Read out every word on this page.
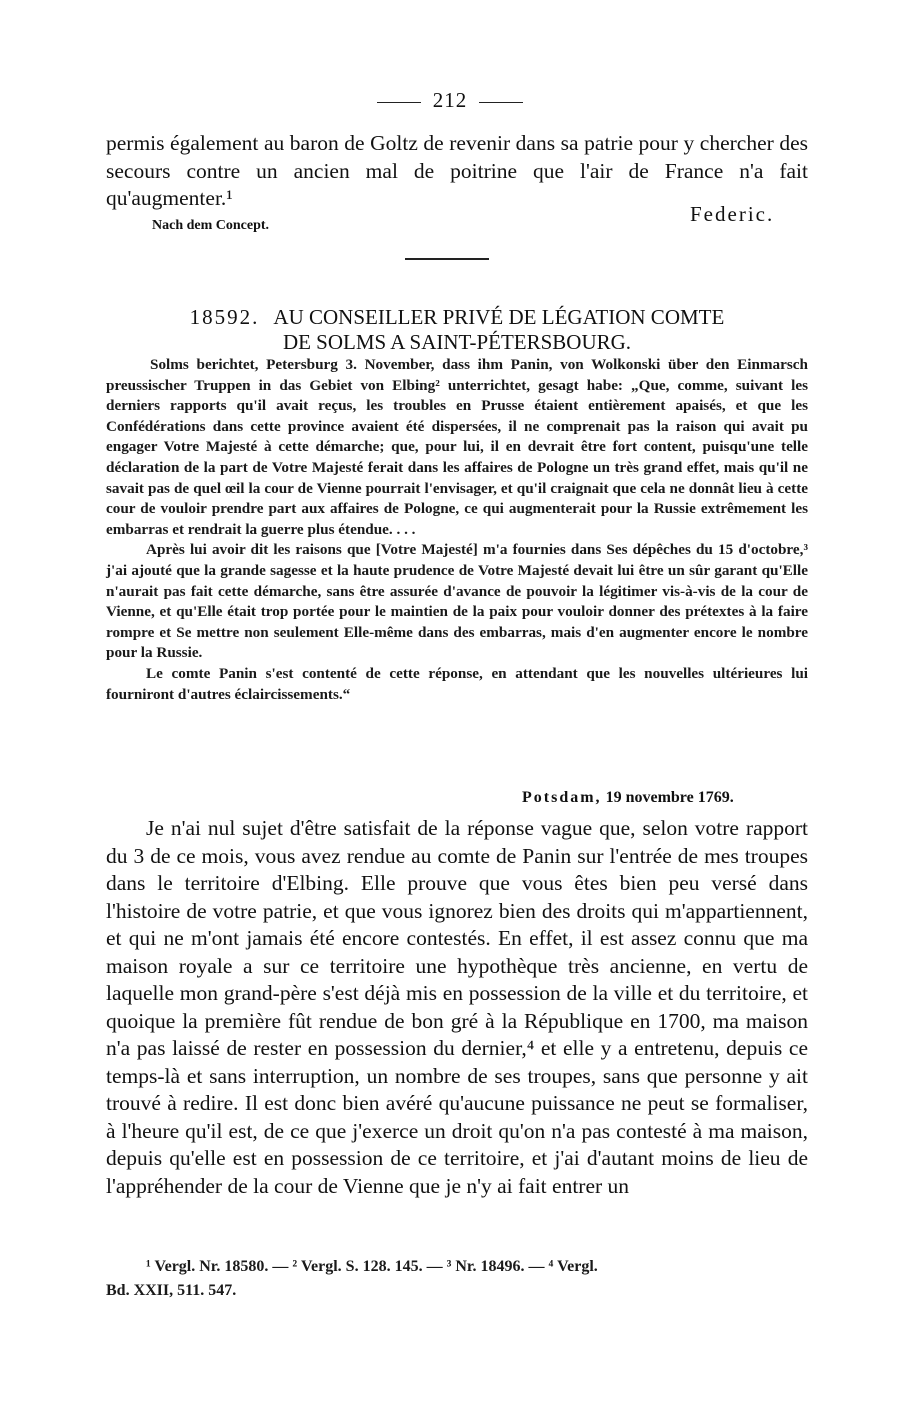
212

permis également au baron de Goltz de revenir dans sa patrie pour y chercher des secours contre un ancien mal de poitrine que l'air de France n'a fait qu'augmenter.¹

Federic.
Nach dem Concept.
18592. AU CONSEILLER PRIVÉ DE LÉGATION COMTE
DE SOLMS A SAINT-PÉTERSBOURG.

Solms berichtet, Petersburg 3. November, dass ihm Panin, von Wolkonski über den Einmarsch preussischer Truppen in das Gebiet von Elbing² unterrichtet, gesagt habe: „Que, comme, suivant les derniers rapports qu'il avait reçus, les troubles en Prusse étaient entièrement apaisés, et que les Confédérations dans cette province avaient été dispersées, il ne comprenait pas la raison qui avait pu engager Votre Majesté à cette démarche; que, pour lui, il en devrait être fort content, puisqu'une telle déclaration de la part de Votre Majesté ferait dans les affaires de Pologne un très grand effet, mais qu'il ne savait pas de quel œil la cour de Vienne pourrait l'envisager, et qu'il craignait que cela ne donnât lieu à cette cour de vouloir prendre part aux affaires de Pologne, ce qui augmenterait pour la Russie extrêmement les embarras et rendrait la guerre plus étendue. . . .

Après lui avoir dit les raisons que [Votre Majesté] m'a fournies dans Ses dépêches du 15 d'octobre,³ j'ai ajouté que la grande sagesse et la haute prudence de Votre Majesté devait lui être un sûr garant qu'Elle n'aurait pas fait cette démarche, sans être assurée d'avance de pouvoir la légitimer vis-à-vis de la cour de Vienne, et qu'Elle était trop portée pour le maintien de la paix pour vouloir donner des prétextes à la faire rompre et Se mettre non seulement Elle-même dans des embarras, mais d'en augmenter encore le nombre pour la Russie.

Le comte Panin s'est contenté de cette réponse, en attendant que les nouvelles ultérieures lui fourniront d'autres éclaircissements.“

Potsdam, 19 novembre 1769.

Je n'ai nul sujet d'être satisfait de la réponse vague que, selon votre rapport du 3 de ce mois, vous avez rendue au comte de Panin sur l'entrée de mes troupes dans le territoire d'Elbing. Elle prouve que vous êtes bien peu versé dans l'histoire de votre patrie, et que vous ignorez bien des droits qui m'appartiennent, et qui ne m'ont jamais été encore contestés. En effet, il est assez connu que ma maison royale a sur ce territoire une hypothèque très ancienne, en vertu de laquelle mon grand-père s'est déjà mis en possession de la ville et du territoire, et quoique la première fût rendue de bon gré à la République en 1700, ma maison n'a pas laissé de rester en possession du dernier,⁴ et elle y a entretenu, depuis ce temps-là et sans interruption, un nombre de ses troupes, sans que personne y ait trouvé à redire. Il est donc bien avéré qu'aucune puissance ne peut se formaliser, à l'heure qu'il est, de ce que j'exerce un droit qu'on n'a pas contesté à ma maison, depuis qu'elle est en possession de ce territoire, et j'ai d'autant moins de lieu de l'appréhender de la cour de Vienne que je n'y ai fait entrer un

¹ Vergl. Nr. 18580. — ² Vergl. S. 128. 145. — ³ Nr. 18496. — ⁴ Vergl.

Bd. XXII, 511. 547.
